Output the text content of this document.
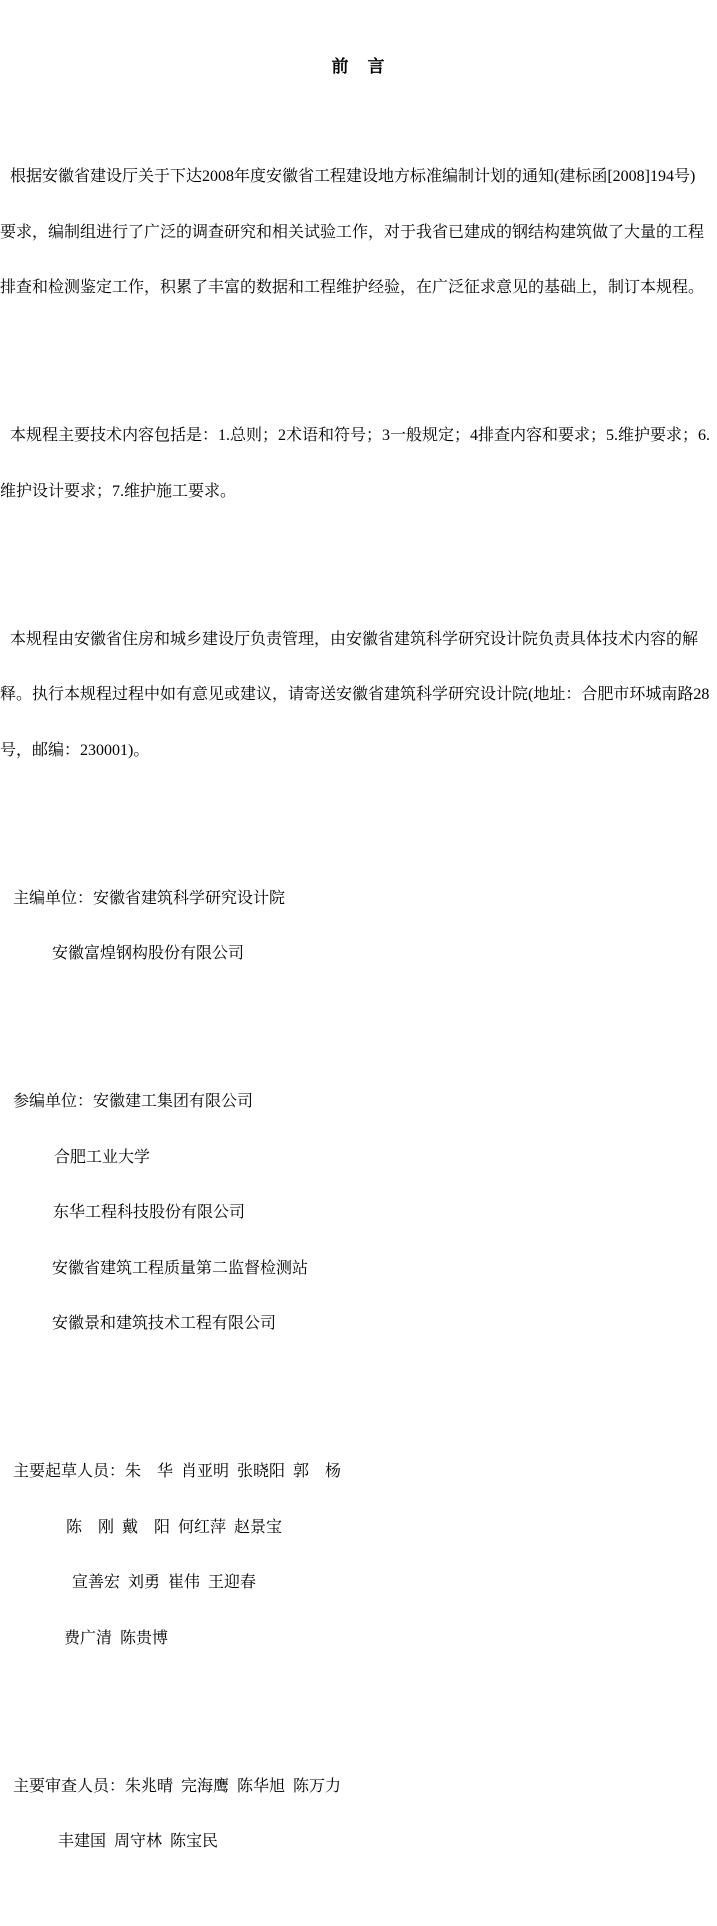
前　言

根据安徽省建设厅关于下达2008年度安徽省工程建设地方标准编制计划的通知(建标函[2008]194号)

要求，编制组进行了广泛的调查研究和相关试验工作，对于我省已建成的钢结构建筑做了大量的工程

排查和检测鉴定工作，积累了丰富的数据和工程维护经验，在广泛征求意见的基础上，制订本规程。

本规程主要技术内容包括是：1.总则；2术语和符号；3一般规定；4排查内容和要求；5.维护要求；6.

维护设计要求；7.维护施工要求。

本规程由安徽省住房和城乡建设厅负责管理，由安徽省建筑科学研究设计院负责具体技术内容的解

释。执行本规程过程中如有意见或建议，请寄送安徽省建筑科学研究设计院(地址：合肥市环城南路28

号，邮编：230001)。

主编单位：安徽省建筑科学研究设计院

安徽富煌钢构股份有限公司

参编单位：安徽建工集团有限公司

合肥工业大学

东华工程科技股份有限公司

安徽省建筑工程质量第二监督检测站

安徽景和建筑技术工程有限公司

主要起草人员：朱　华  肖亚明  张晓阳  郭　杨

陈　刚  戴　阳  何红萍  赵景宝

宣善宏  刘勇  崔伟  王迎春

费广清  陈贵博

主要审查人员：朱兆晴  完海鹰  陈华旭  陈万力

丰建国  周守林  陈宝民
